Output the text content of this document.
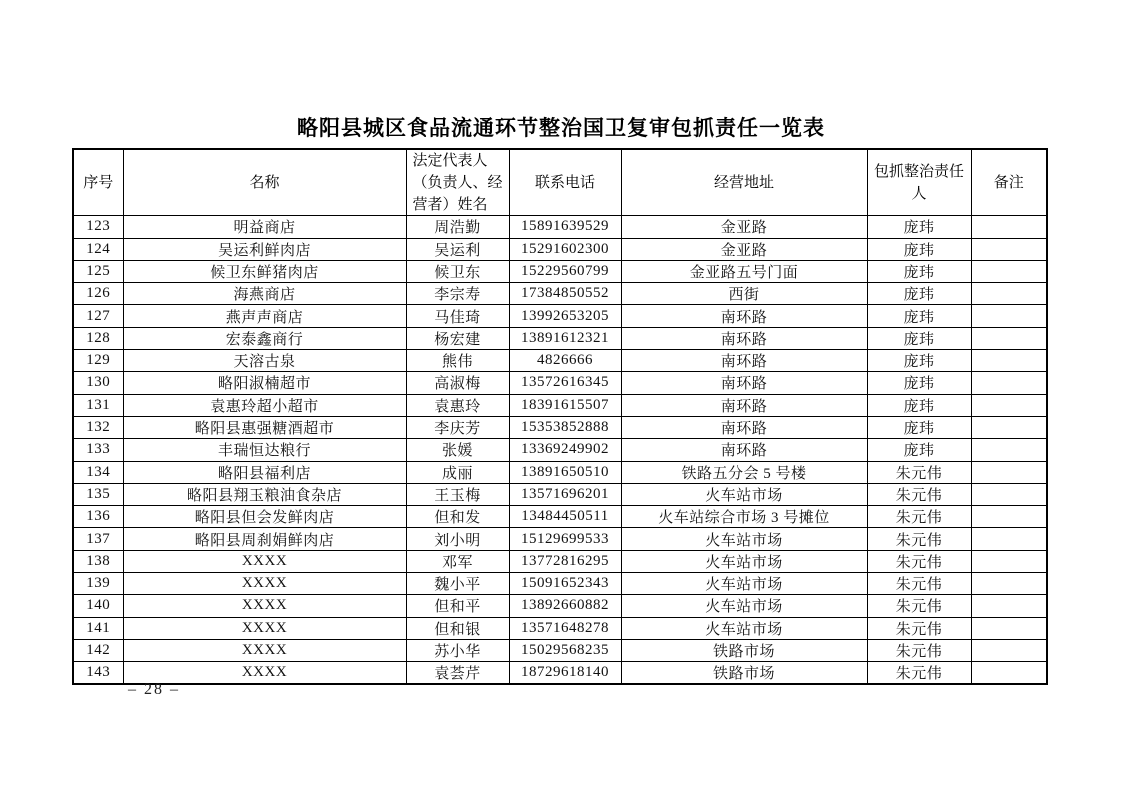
略阳县城区食品流通环节整治国卫复审包抓责任一览表
序号	名称	法定代表人（负责人、经营者）姓名	联系电话	经营地址	包抓整治责任人	备注
123	明益商店	周浩勤	15891639529	金亚路	庞玮	
124	吴运利鲜肉店	吴运利	15291602300	金亚路	庞玮	
125	候卫东鲜猪肉店	候卫东	15229560799	金亚路五号门面	庞玮	
126	海燕商店	李宗寿	17384850552	西街	庞玮	
127	燕声声商店	马佳琦	13992653205	南环路	庞玮	
128	宏泰鑫商行	杨宏建	13891612321	南环路	庞玮	
129	天溶古泉	熊伟	4826666	南环路	庞玮	
130	略阳淑楠超市	高淑梅	13572616345	南环路	庞玮	
131	袁惠玲超小超市	袁惠玲	18391615507	南环路	庞玮	
132	略阳县惠强糖酒超市	李庆芳	15353852888	南环路	庞玮	
133	丰瑞恒达粮行	张媛	13369249902	南环路	庞玮	
134	略阳县福利店	成丽	13891650510	铁路五分会 5 号楼	朱元伟	
135	略阳县翔玉粮油食杂店	王玉梅	13571696201	火车站市场	朱元伟	
136	略阳县但会发鲜肉店	但和发	13484450511	火车站综合市场 3 号摊位	朱元伟	
137	略阳县周刹娟鲜肉店	刘小明	15129699533	火车站市场	朱元伟	
138	XXXX	邓军	13772816295	火车站市场	朱元伟	
139	XXXX	魏小平	15091652343	火车站市场	朱元伟	
140	XXXX	但和平	13892660882	火车站市场	朱元伟	
141	XXXX	但和银	13571648278	火车站市场	朱元伟	
142	XXXX	苏小华	15029568235	铁路市场	朱元伟	
143	XXXX	袁荟芹	18729618140	铁路市场	朱元伟	
– 28 –
